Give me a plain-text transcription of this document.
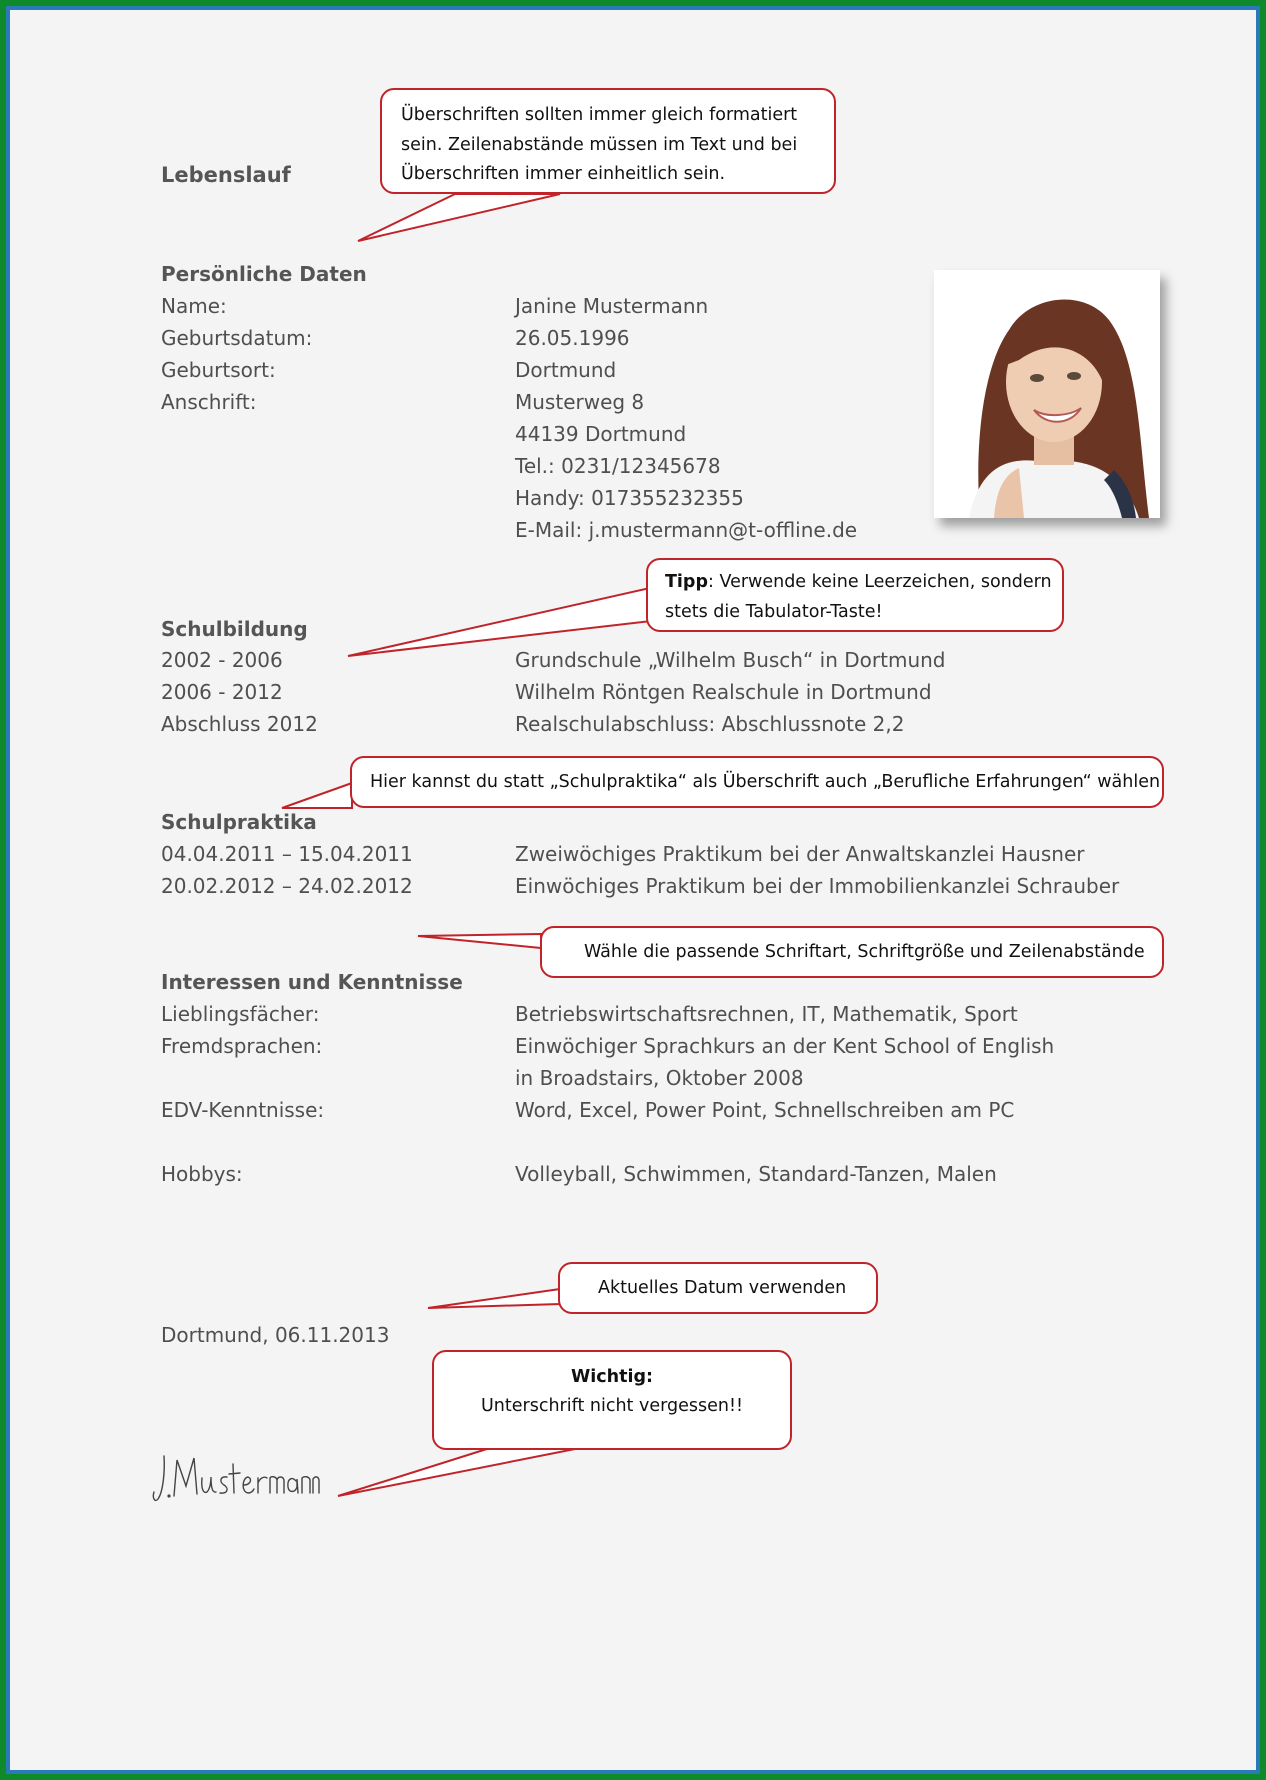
Lebenslauf
Persönliche Daten
Name:	Janine Mustermann
Geburtsdatum:	26.05.1996
Geburtsort:	Dortmund
Anschrift:	Musterweg 8
44139 Dortmund
Tel.: 0231/12345678
Handy: 017355232355
E-Mail: j.mustermann@t-offline.de
Überschriften sollten immer gleich formatiert
sein. Zeilenabstände müssen im Text und bei
Überschriften immer einheitlich sein.
Tipp: Verwende keine Leerzeichen, sondern
stets die Tabulator-Taste!
Schulbildung
2002 - 2006	Grundschule „Wilhelm Busch“ in Dortmund
2006 - 2012	Wilhelm Röntgen Realschule in Dortmund
Abschluss 2012	Realschulabschluss: Abschlussnote 2,2
Hier kannst du statt „Schulpraktika“ als Überschrift auch „Berufliche Erfahrungen“ wählen
Schulpraktika
04.04.2011 – 15.04.2011	Zweiwöchiges Praktikum bei der Anwaltskanzlei Hausner
20.02.2012 – 24.02.2012	Einwöchiges Praktikum bei der Immobilienkanzlei Schrauber
Wähle die passende Schriftart, Schriftgröße und Zeilenabstände
Interessen und Kenntnisse
Lieblingsfächer:	Betriebswirtschaftsrechnen, IT, Mathematik, Sport
Fremdsprachen:	Einwöchiger Sprachkurs an der Kent School of English
in Broadstairs, Oktober 2008
EDV-Kenntnisse:	Word, Excel, Power Point, Schnellschreiben am PC
Hobbys:	Volleyball, Schwimmen, Standard-Tanzen, Malen
Aktuelles Datum verwenden
Dortmund, 06.11.2013
Wichtig:
Unterschrift nicht vergessen!!
